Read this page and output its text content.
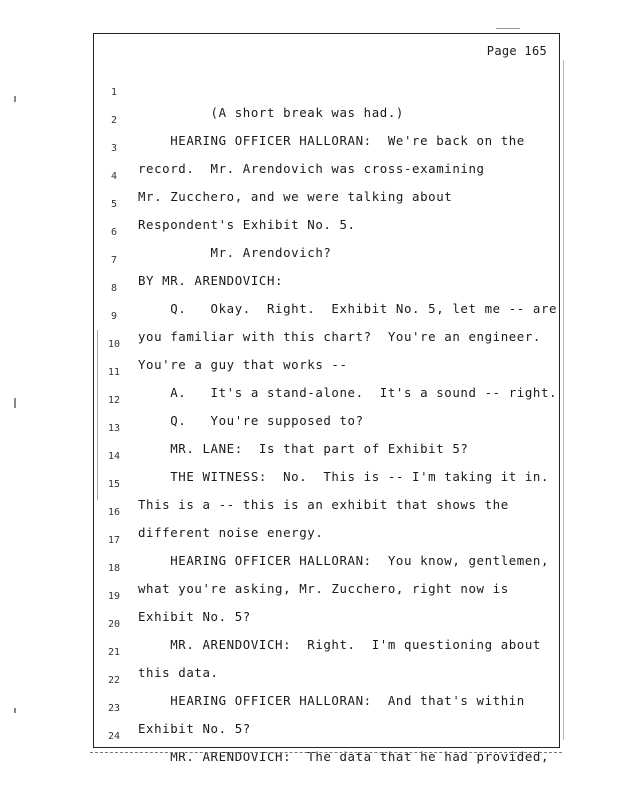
Page 165

1

(A short break was had.)

2

HEARING OFFICER HALLORAN:  We're back on the

3

record.  Mr. Arendovich was cross-examining

4

Mr. Zucchero, and we were talking about

5

Respondent's Exhibit No. 5.

6

Mr. Arendovich?

7

BY MR. ARENDOVICH:

8

Q.   Okay.  Right.  Exhibit No. 5, let me -- are

9

you familiar with this chart?  You're an engineer.

10

You're a guy that works --

11

A.   It's a stand-alone.  It's a sound -- right.

12

Q.   You're supposed to?

13

MR. LANE:  Is that part of Exhibit 5?

14

THE WITNESS:  No.  This is -- I'm taking it in.

15

This is a -- this is an exhibit that shows the

16

different noise energy.

17

HEARING OFFICER HALLORAN:  You know, gentlemen,

18

what you're asking, Mr. Zucchero, right now is

19

Exhibit No. 5?

20

MR. ARENDOVICH:  Right.  I'm questioning about

21

this data.

22

HEARING OFFICER HALLORAN:  And that's within

23

Exhibit No. 5?

24

MR. ARENDOVICH:  The data that he had provided,
